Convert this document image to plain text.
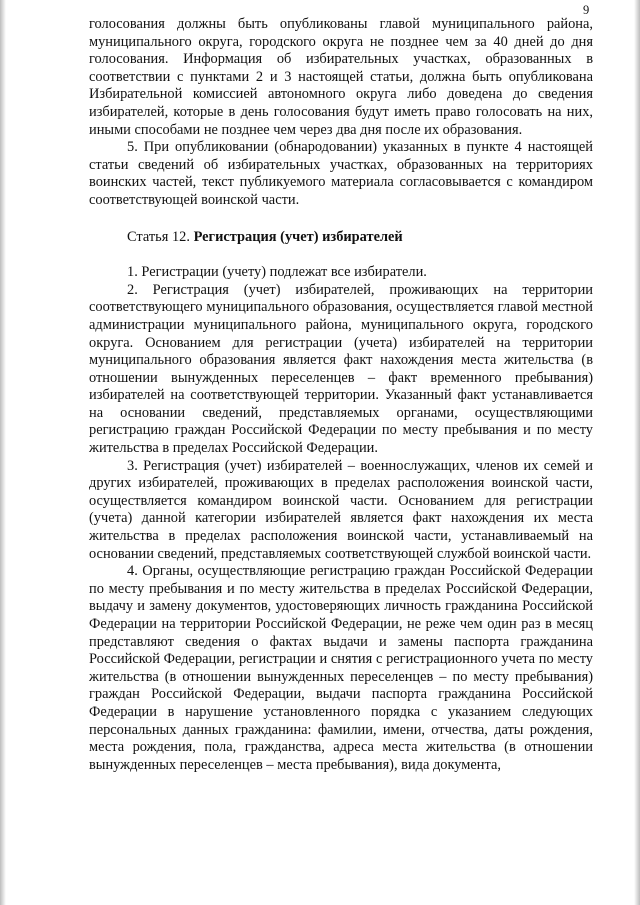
9

голосования должны быть опубликованы главой муниципального района, муниципального округа, городского округа не позднее чем за 40 дней до дня голосования. Информация об избирательных участках, образованных в соответствии с пунктами 2 и 3 настоящей статьи, должна быть опубликована Избирательной комиссией автономного округа либо доведена до сведения избирателей, которые в день голосования будут иметь право голосовать на них, иными способами не позднее чем через два дня после их образования.

5. При опубликовании (обнародовании) указанных в пункте 4 настоящей статьи сведений об избирательных участках, образованных на территориях воинских частей, текст публикуемого материала согласовывается с командиром соответствующей воинской части.

Статья 12. Регистрация (учет) избирателей

1. Регистрации (учету) подлежат все избиратели.

2. Регистрация (учет) избирателей, проживающих на территории соответствующего муниципального образования, осуществляется главой местной администрации муниципального района, муниципального округа, городского округа. Основанием для регистрации (учета) избирателей на территории муниципального образования является факт нахождения места жительства (в отношении вынужденных переселенцев – факт временного пребывания) избирателей на соответствующей территории. Указанный факт устанавливается на основании сведений, представляемых органами, осуществляющими регистрацию граждан Российской Федерации по месту пребывания и по месту жительства в пределах Российской Федерации.

3. Регистрация (учет) избирателей – военнослужащих, членов их семей и других избирателей, проживающих в пределах расположения воинской части, осуществляется командиром воинской части. Основанием для регистрации (учета) данной категории избирателей является факт нахождения их места жительства в пределах расположения воинской части, устанавливаемый на основании сведений, представляемых соответствующей службой воинской части.

4. Органы, осуществляющие регистрацию граждан Российской Федерации по месту пребывания и по месту жительства в пределах Российской Федерации, выдачу и замену документов, удостоверяющих личность гражданина Российской Федерации на территории Российской Федерации, не реже чем один раз в месяц представляют сведения о фактах выдачи и замены паспорта гражданина Российской Федерации, регистрации и снятия с регистрационного учета по месту жительства (в отношении вынужденных переселенцев – по месту пребывания) граждан Российской Федерации, выдачи паспорта гражданина Российской Федерации в нарушение установленного порядка с указанием следующих персональных данных гражданина: фамилии, имени, отчества, даты рождения, места рождения, пола, гражданства, адреса места жительства (в отношении вынужденных переселенцев – места пребывания), вида документа,
